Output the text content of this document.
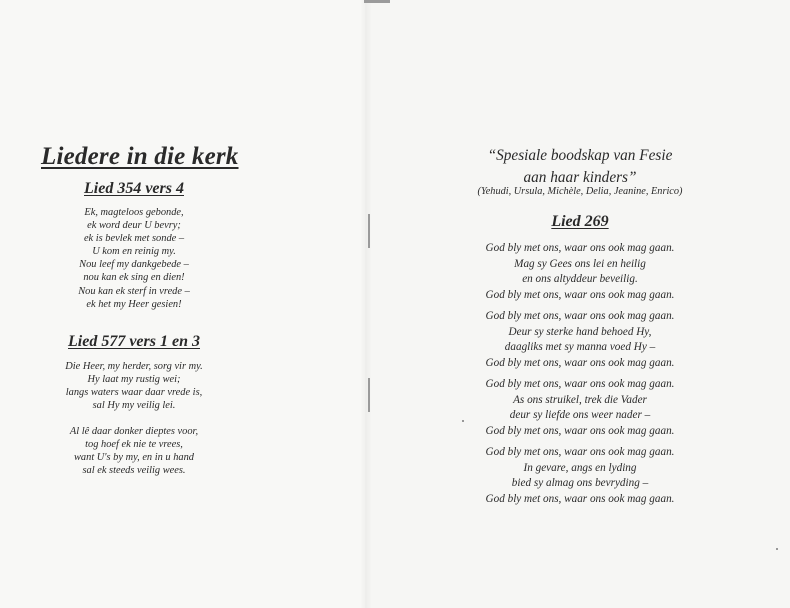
Liedere in die kerk
Lied 354 vers 4
Ek, magteloos gebonde,
ek word deur U bevry;
ek is bevlek met sonde –
U kom en reinig my.
Nou leef my dankgebede –
nou kan ek sing en dien!
Nou kan ek sterf in vrede –
ek het my Heer gesien!
Lied 577 vers 1 en 3
Die Heer, my herder, sorg vir my.
Hy laat my rustig wei;
langs waters waar daar vrede is,
sal Hy my veilig lei.
Al lê daar donker dieptes voor,
tog hoef ek nie te vrees,
want U's by my, en in u hand
sal ek steeds veilig wees.
“Spesiale boodskap van Fesie
aan haar kinders”
(Yehudi, Ursula, Michèle, Delia, Jeanine, Enrico)
Lied 269
God bly met ons, waar ons ook mag gaan.
Mag sy Gees ons lei en heilig
en ons altyddeur beveilig.
God bly met ons, waar ons ook mag gaan.
God bly met ons, waar ons ook mag gaan.
Deur sy sterke hand behoed Hy,
daagliks met sy manna voed Hy –
God bly met ons, waar ons ook mag gaan.
God bly met ons, waar ons ook mag gaan.
As ons struikel, trek die Vader
deur sy liefde ons weer nader –
God bly met ons, waar ons ook mag gaan.
God bly met ons, waar ons ook mag gaan.
In gevare, angs en lyding
bied sy almag ons bevryding –
God bly met ons, waar ons ook mag gaan.
